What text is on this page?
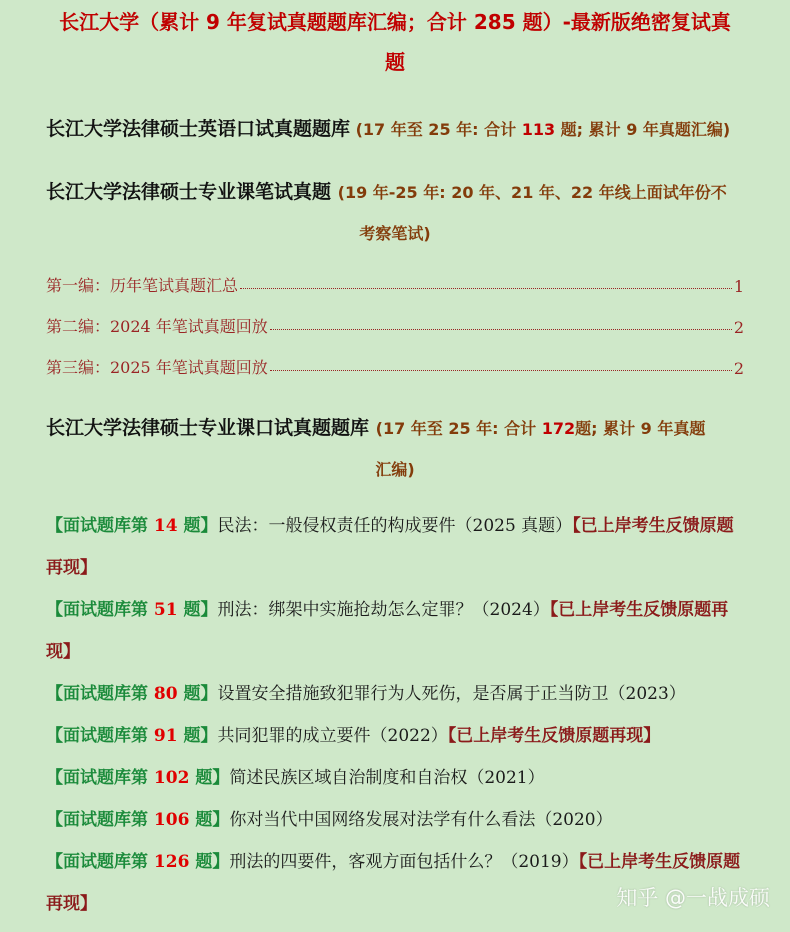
长江大学（累计 9 年复试真题题库汇编；合计 285 题）-最新版绝密复试真
题
长江大学法律硕士英语口试真题题库 (17 年至 25 年: 合计 113 题; 累计 9 年真题汇编)
长江大学法律硕士专业课笔试真题 (19 年-25 年: 20 年、21 年、22 年线上面试年份不
考察笔试)
第一编：历年笔试真题汇总	1
第二编：2024 年笔试真题回放	2
第三编：2025 年笔试真题回放	2
长江大学法律硕士专业课口试真题题库 (17 年至 25 年: 合计 172题; 累计 9 年真题
汇编)
【面试题库第 14 题】民法：一般侵权责任的构成要件（2025 真题）【已上岸考生反馈原题再现】
【面试题库第 51 题】刑法：绑架中实施抢劫怎么定罪？（2024）【已上岸考生反馈原题再现】
【面试题库第 80 题】设置安全措施致犯罪行为人死伤，是否属于正当防卫（2023）
【面试题库第 91 题】共同犯罪的成立要件（2022）【已上岸考生反馈原题再现】
【面试题库第 102 题】简述民族区域自治制度和自治权（2021）
【面试题库第 106 题】你对当代中国网络发展对法学有什么看法（2020）
【面试题库第 126 题】刑法的四要件，客观方面包括什么？（2019）【已上岸考生反馈原题再现】	知乎 @一战成硕
